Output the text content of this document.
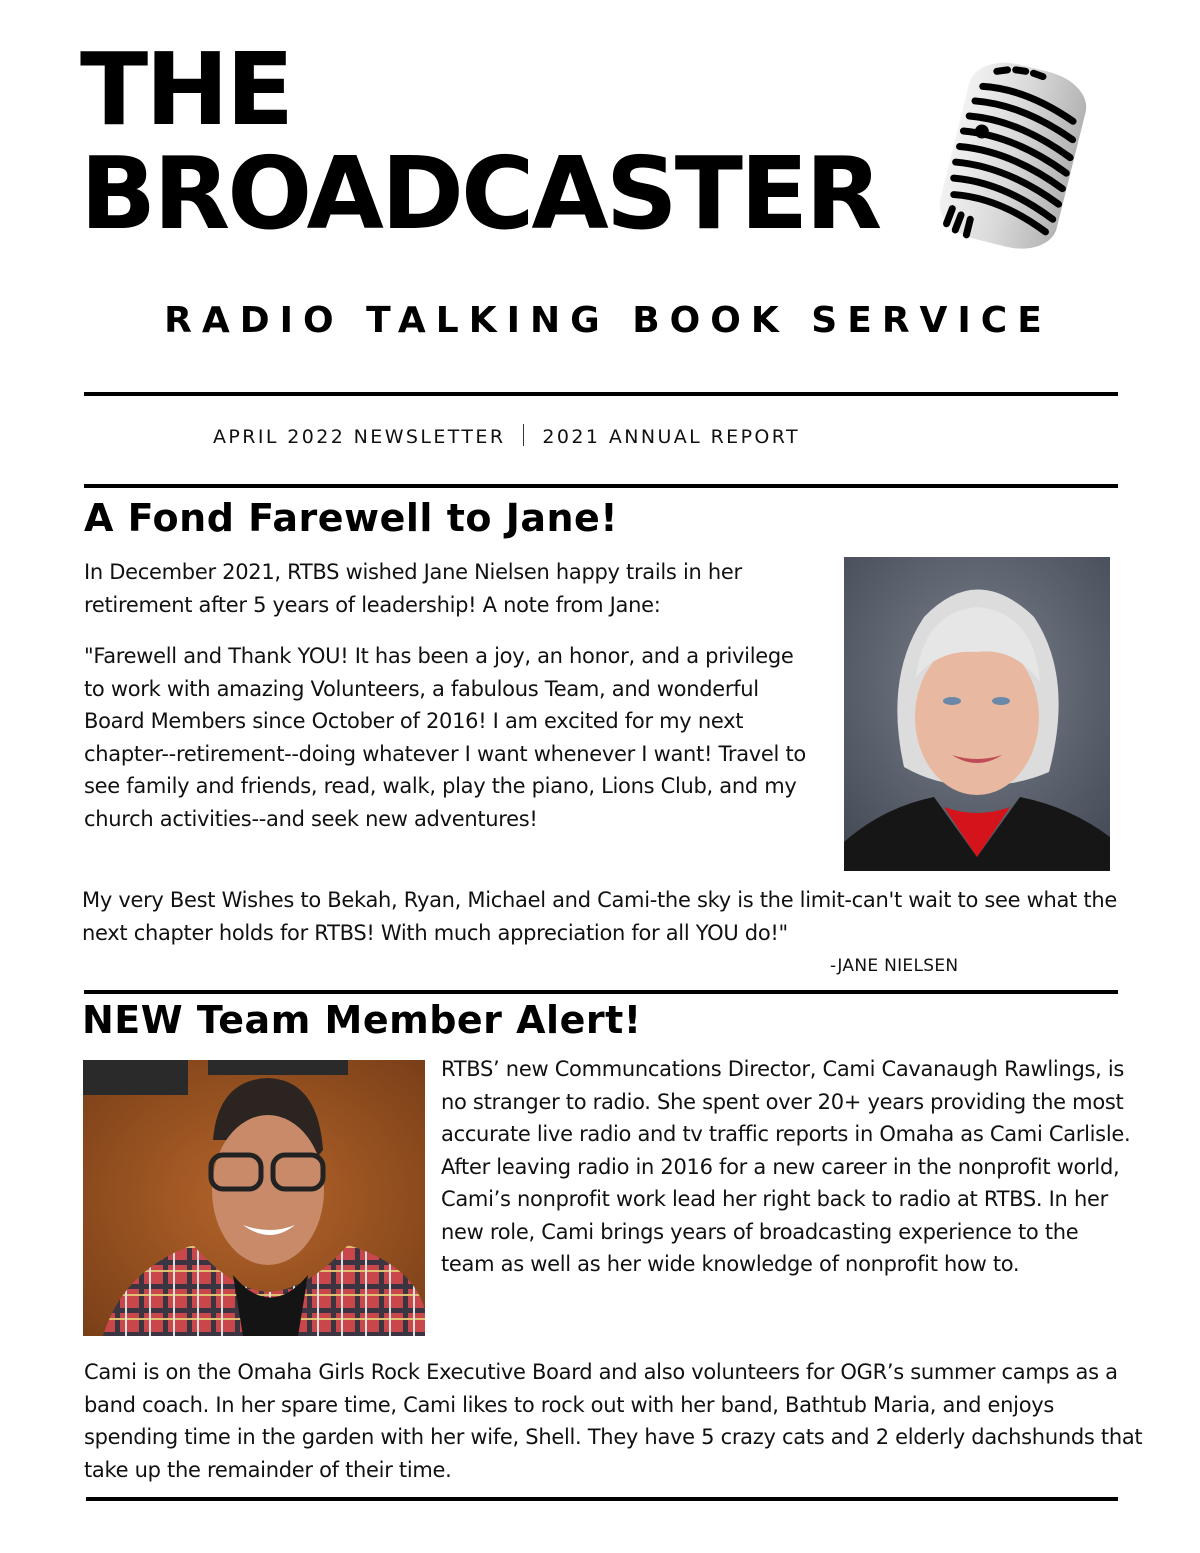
THE
BROADCASTER
RADIO TALKING BOOK SERVICE
APRIL 2022 NEWSLETTER 2021 ANNUAL REPORT
A Fond Farewell to Jane!

In December 2021, RTBS wished Jane Nielsen happy trails in her retirement after 5 years of leadership! A note from Jane:

"Farewell and Thank YOU! It has been a joy, an honor, and a privilege to work with amazing Volunteers, a fabulous Team, and wonderful Board Members since October of 2016! I am excited for my next chapter--retirement--doing whatever I want whenever I want! Travel to see family and friends, read, walk, play the piano, Lions Club, and my church activities--and seek new adventures!

My very Best Wishes to Bekah, Ryan, Michael and Cami-the sky is the limit-can't wait to see what the next chapter holds for RTBS! With much appreciation for all YOU do!"

-JANE NIELSEN
NEW Team Member Alert!

RTBS’ new Communcations Director, Cami Cavanaugh Rawlings, is no stranger to radio. She spent over 20+ years providing the most accurate live radio and tv traffic reports in Omaha as Cami Carlisle. After leaving radio in 2016 for a new career in the nonprofit world, Cami’s nonprofit work lead her right back to radio at RTBS. In her new role, Cami brings years of broadcasting experience to the team as well as her wide knowledge of nonprofit how to.

Cami is on the Omaha Girls Rock Executive Board and also volunteers for OGR’s summer camps as a band coach. In her spare time, Cami likes to rock out with her band, Bathtub Maria, and enjoys spending time in the garden with her wife, Shell. They have 5 crazy cats and 2 elderly dachshunds that take up the remainder of their time.
